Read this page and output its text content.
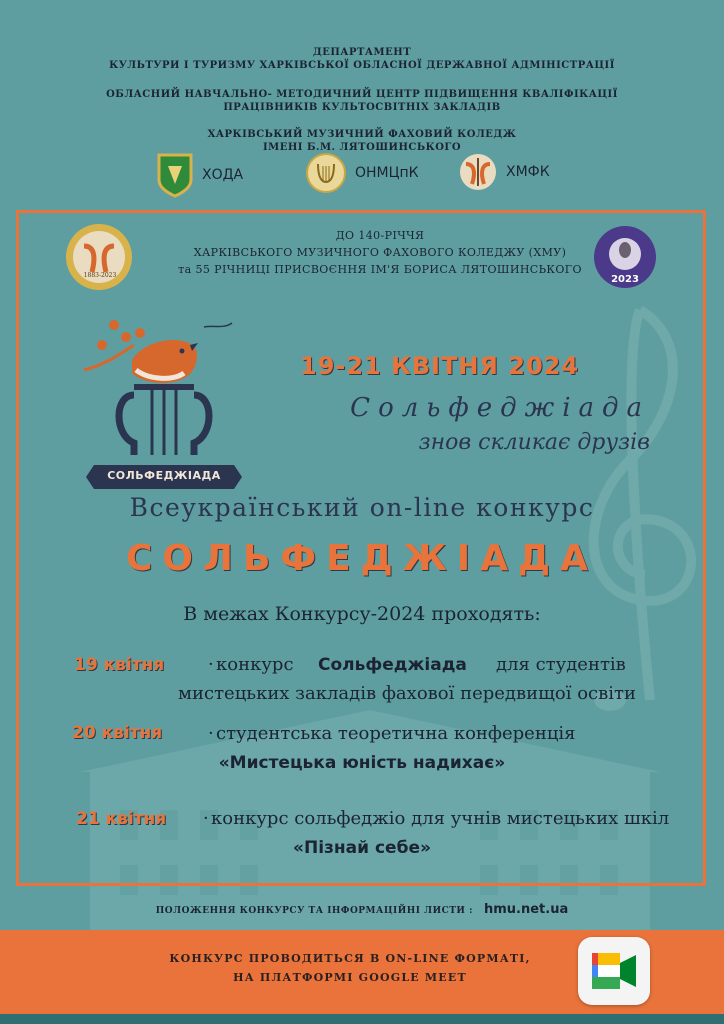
ДЕПАРТАМЕНТ
КУЛЬТУРИ І ТУРИЗМУ ХАРКІВСЬКОЇ ОБЛАСНОЇ ДЕРЖАВНОЇ АДМІНІСТРАЦІЇ
ОБЛАСНИЙ НАВЧАЛЬНО- МЕТОДИЧНИЙ ЦЕНТР ПІДВИЩЕННЯ КВАЛІФІКАЦІЇ
ПРАЦІВНИКІВ КУЛЬТОСВІТНІХ ЗАКЛАДІВ
ХАРКІВСЬКИЙ МУЗИЧНИЙ ФАХОВИЙ КОЛЕДЖ
ІМЕНІ Б.М. ЛЯТОШИНСЬКОГО
ХОДА	ОНМЦпК	ХМФК
1883-2023	2023
ДО 140-РІЧЧЯ
ХАРКІВСЬКОГО МУЗИЧНОГО ФАХОВОГО КОЛЕДЖУ (ХМУ)
та 55 РІЧНИЦІ ПРИСВОЄННЯ ІМ'Я БОРИСА ЛЯТОШИНСЬКОГО
СОЛЬФЕДЖІАДА
19-21 КВІТНЯ 2024
Сольфеджіада
знов скликає друзів
Всеукраїнський on-line конкурс
СОЛЬФЕДЖІАДА
В межах Конкурсу-2024 проходять:
19 квітня · конкурс Сольфеджіада для студентів
мистецьких закладів фахової передвищої освіти
20 квітня	· студентська теоретична конференція
«Мистецька юність надихає»
21 квітня · конкурс сольфеджіо для учнів мистецьких шкіл
«Пізнай себе»
ПОЛОЖЕННЯ КОНКУРСУ ТА ІНФОРМАЦІЙНІ ЛИСТИ : hmu.net.ua
КОНКУРС ПРОВОДИТЬСЯ В ON-LINE ФОРМАТІ,
НА ПЛАТФОРМІ GOOGLE MEET
